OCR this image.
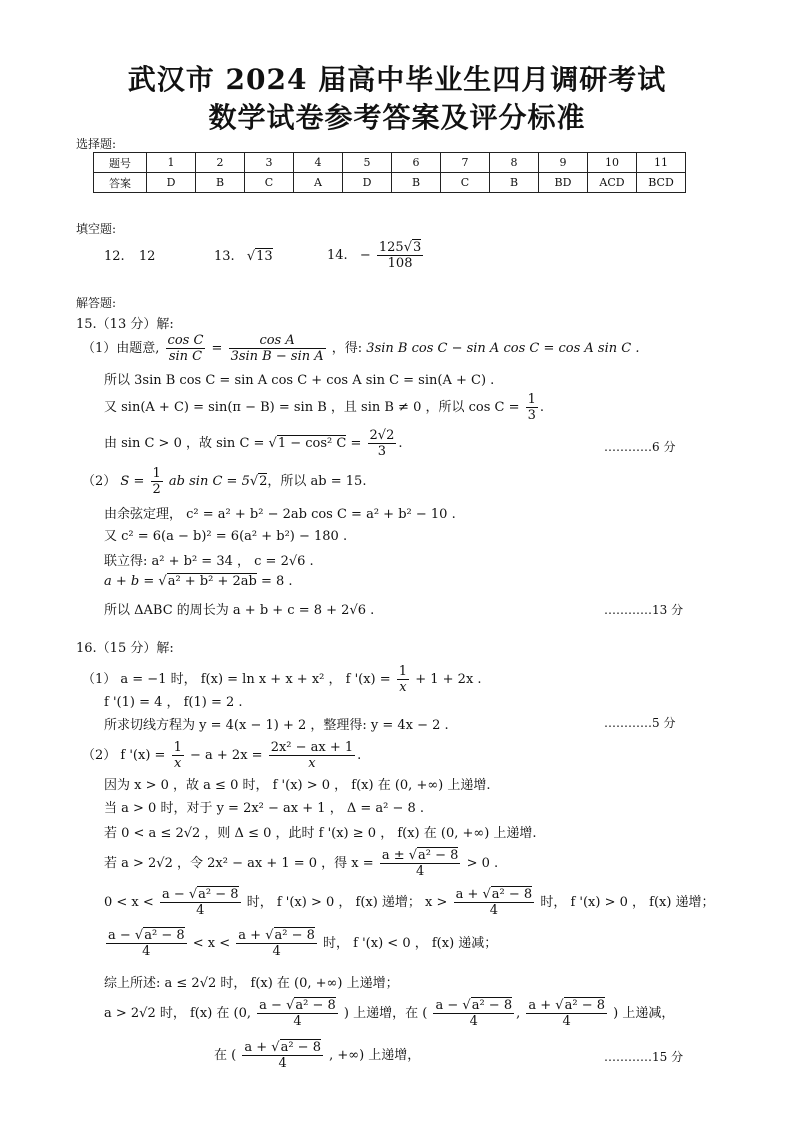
武汉市 2024 届高中毕业生四月调研考试
数学试卷参考答案及评分标准
选择题:
题号	1	2	3	4	5	6	7	8	9	10	11
答案	D	B	C	A	D	B	C	B	BD	ACD	BCD
填空题:
12. 12	13. √13	14. − $\frac{125√3}{108}$
解答题:
15.（13 分）解:
（1）由题意, $\frac{\text{cos C}}{\text{sin C}} = \frac{\text{cos A}}{\text{3sin B − sin A}}$ ，得: 3sin B cos C − sin A cos C = cos A sin C .
所以 3sin B cos C = sin A cos C + cos A sin C = sin(A + C) .
又 sin(A + C) = sin(π − B) = sin B ，且 sin B ≠ 0 ，所以 $\cos C = \frac{1}{3}$ .
由 sin C > 0 ，故 sin C = √1 − cos² $C = \frac{2√2}{3}$ .	…………6 分
（2） $S = \frac{1}{2}$ ab sin C = 5√2，所以 ab = 15.
由余弦定理， c² = a² + b² − 2ab cos C = a² + b² − 10 .
又 c² = 6(a − b)² = 6(a² + b²) − 180 .
联立得: a² + b² = 34 ， c = 2√6 .
a + b = √a² + b² + 2ab = 8 .
所以 ΔABC 的周长为 a + b + c = 8 + 2√6 .	…………13 分
16.（15 分）解:
（1） a = −1 时， f(x) = ln x + x + x² ， f '$(x) = \frac{1}{x} + 1 + 2x$ .
f '(1) = 4 ， f(1) = 2 .
所求切线方程为 y = 4(x − 1) + 2 ，整理得: y = 4x − 2 .	…………5 分
（2） f '$(x) = \frac{1}{x} - a + 2x = \frac{\text{2x² − ax + 1}}{x}$ .
因为 x > 0 ，故 a ≤ 0 时， f '(x) > 0 ， f(x) 在 (0, +∞) 上递增.
当 a > 0 时，对于 y = 2x² − ax + 1 ， Δ = a² − 8 .
若 0 < a ≤ 2√2 ，则 Δ ≤ 0 ，此时 f '(x) ≥ 0 ， f(x) 在 (0, +∞) 上递增.
若 a > 2√2 ，令 2x² − ax + 1 = 0 ，得 $x = \frac{\text{a ± √a² − 8}}{4} > 0$ .
$0 < x < \frac{\text{a − √a² − 8}}{4}$ 时， f '(x) > 0 ， f(x) 递增； $x > \frac{\text{a + √a² − 8}}{4}$ 时， f '(x) > 0 ， f(x) 递增；
$\frac{\text{a − √a² − 8}}{4} < x < \frac{\text{a + √a² − 8}}{4}$ 时， f '(x) < 0 ， f(x) 递减；
综上所述: a ≤ 2√2 时， f(x) 在 (0, +∞) 上递增；
a > 2√2 时， f(x) 在 (0, $\frac{\text{a − √a² − 8}}{4}$ ) 上递增，在 ( $\frac{\text{a − √a² − 8}}{4}$ , $\frac{\text{a + √a² − 8}}{4}$ ) 上递减，
在 ( $\frac{\text{a + √a² − 8}}{4}$ , +∞) 上递增，	…………15 分
